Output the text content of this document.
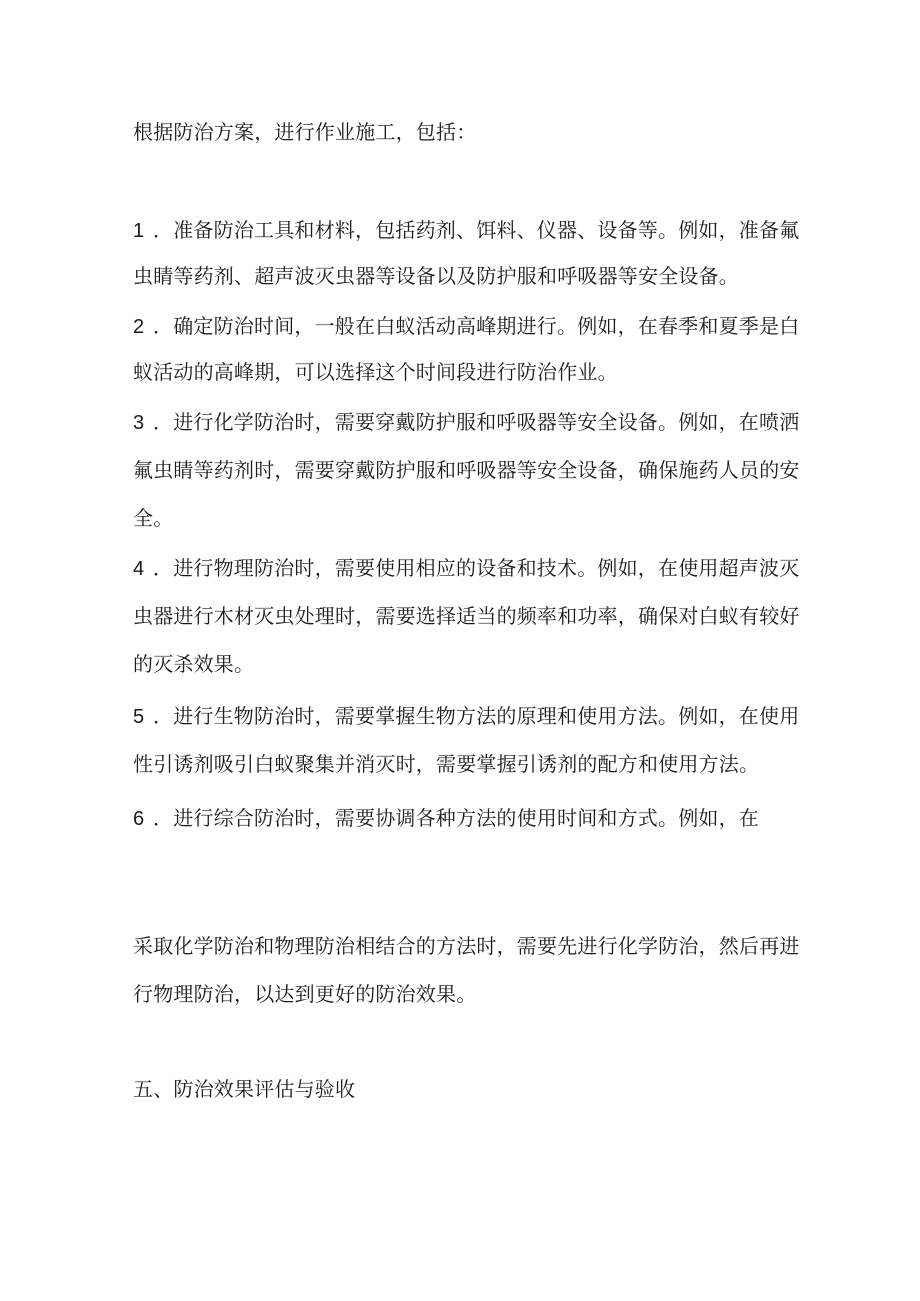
根据防治方案，进行作业施工，包括：
1 ．准备防治工具和材料，包括药剂、饵料、仪器、设备等。例如，准备氟
虫睛等药剂、超声波灭虫器等设备以及防护服和呼吸器等安全设备。
2 ．确定防治时间，一般在白蚁活动高峰期进行。例如，在春季和夏季是白
蚁活动的高峰期，可以选择这个时间段进行防治作业。
3 ．进行化学防治时，需要穿戴防护服和呼吸器等安全设备。例如，在喷洒
氟虫睛等药剂时，需要穿戴防护服和呼吸器等安全设备，确保施药人员的安
全。
4 ．进行物理防治时，需要使用相应的设备和技术。例如，在使用超声波灭
虫器进行木材灭虫处理时，需要选择适当的频率和功率，确保对白蚁有较好
的灭杀效果。
5 ．进行生物防治时，需要掌握生物方法的原理和使用方法。例如，在使用
性引诱剂吸引白蚁聚集并消灭时，需要掌握引诱剂的配方和使用方法。
6 ．进行综合防治时，需要协调各种方法的使用时间和方式。例如，在
采取化学防治和物理防治相结合的方法时，需要先进行化学防治，然后再进
行物理防治，以达到更好的防治效果。
五、防治效果评估与验收
